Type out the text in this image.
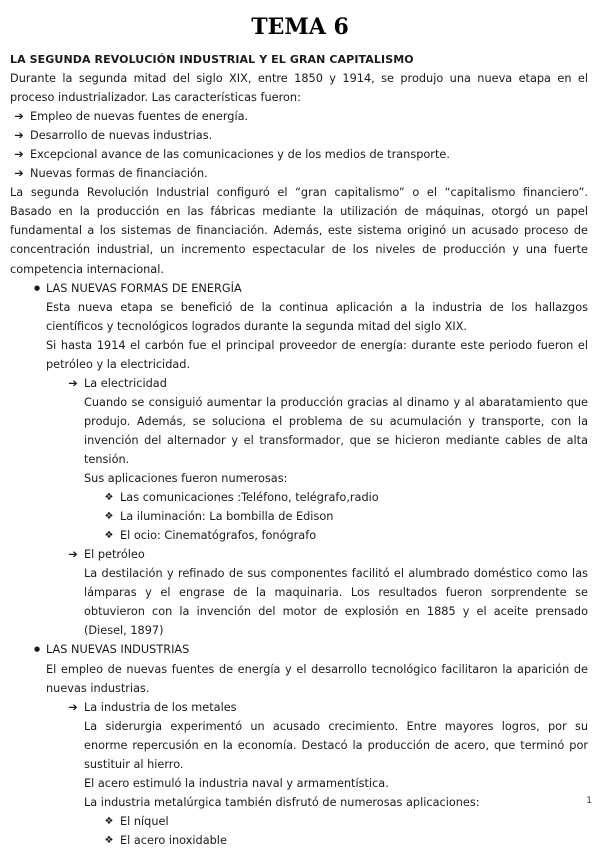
TEMA 6

LA SEGUNDA REVOLUCIÓN INDUSTRIAL Y EL GRAN CAPITALISMO

Durante la segunda mitad del siglo XIX, entre 1850 y 1914, se produjo una nueva etapa en el proceso industrializador. Las características fueron:

➔ Empleo de nuevas fuentes de energía.
➔ Desarrollo de nuevas industrias.
➔ Excepcional avance de las comunicaciones y de los medios de transporte.
➔ Nuevas formas de financiación.

La segunda Revolución Industrial configuró el “gran capitalismo” o el “capitalismo financiero”. Basado en la producción en las fábricas mediante la utilización de máquinas, otorgó un papel fundamental a los sistemas de financiación. Además, este sistema originó un acusado proceso de concentración industrial, un incremento espectacular de los niveles de producción y una fuerte competencia internacional.

● LAS NUEVAS FORMAS DE ENERGÍA

Esta nueva etapa se benefició de la continua aplicación a la industria de los hallazgos científicos y tecnológicos logrados durante la segunda mitad del siglo XIX.

Si hasta 1914 el carbón fue el principal proveedor de energía: durante este periodo fueron el petróleo y la electricidad.

➔ La electricidad

Cuando se consiguió aumentar la producción gracias al dinamo y al abaratamiento que produjo. Además, se soluciona el problema de su acumulación y transporte, con la invención del alternador y el transformador, que se hicieron mediante cables de alta tensión.

Sus aplicaciones fueron numerosas:

❖ Las comunicaciones :Teléfono, telégrafo,radio
❖ La iluminación: La bombilla de Edison
❖ El ocio: Cinematógrafos, fonógrafo
➔ El petróleo

La destilación y refinado de sus componentes facilitó el alumbrado doméstico como las lámparas y el engrase de la maquinaria. Los resultados fueron sorprendente se obtuvieron con la invención del motor de explosión en 1885 y el aceite prensado (Diesel, 1897)

● LAS NUEVAS INDUSTRIAS

El empleo de nuevas fuentes de energía y el desarrollo tecnológico facilitaron la aparición de nuevas industrias.

➔ La industria de los metales

La siderurgia experimentó un acusado crecimiento. Entre mayores logros, por su enorme repercusión en la economía. Destacó la producción de acero, que terminó por sustituir al hierro.

El acero estimuló la industria naval y armamentística.

La industria metalúrgica también disfrutó de numerosas aplicaciones:

❖ El níquel
❖ El acero inoxidable
1
